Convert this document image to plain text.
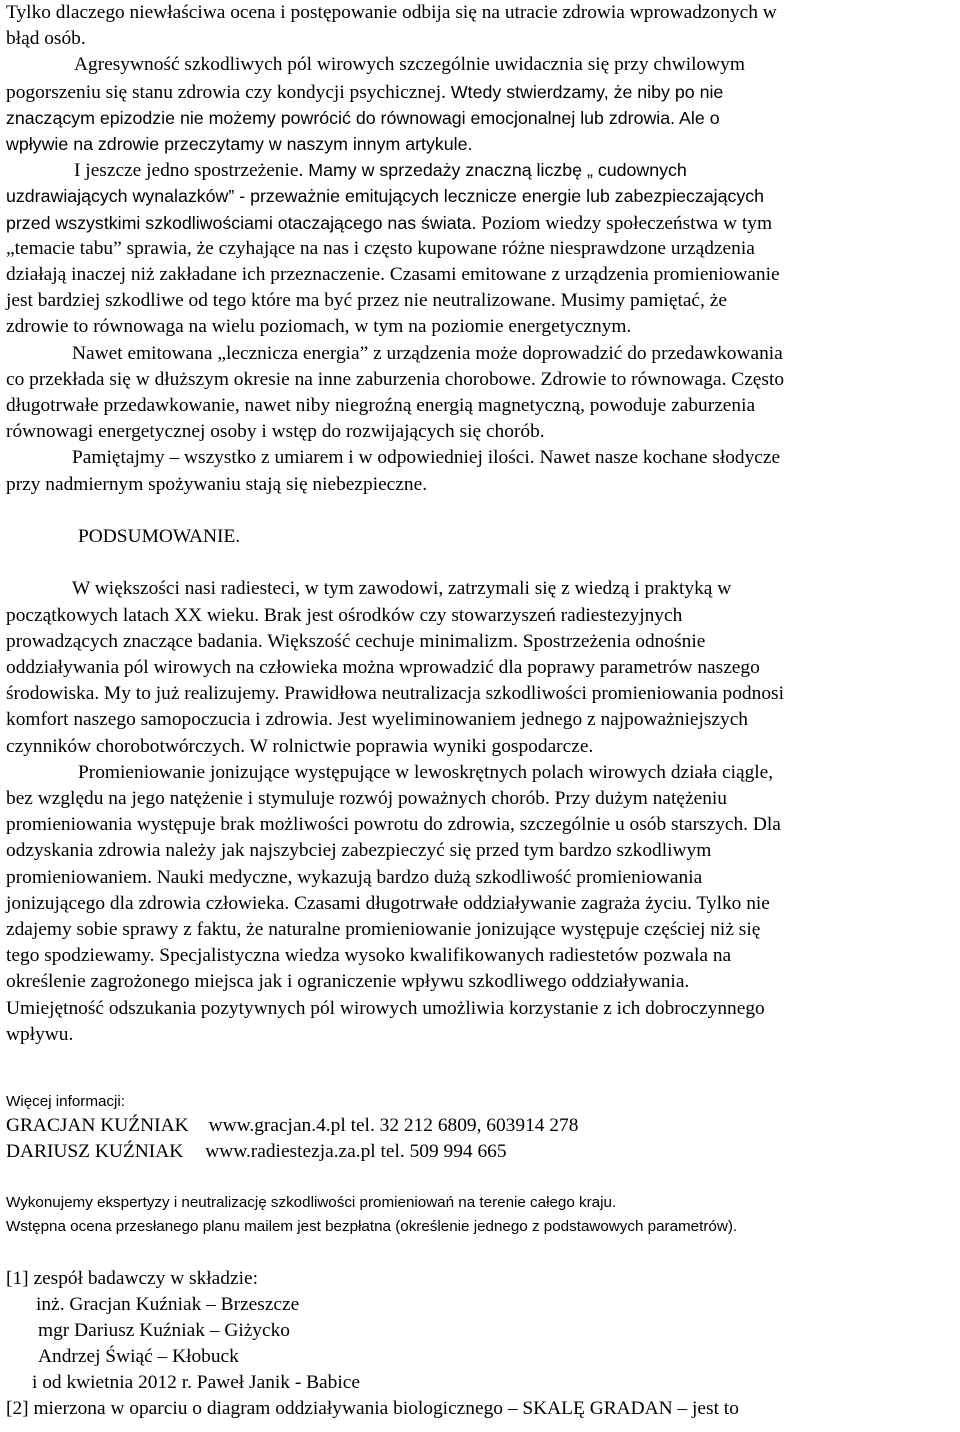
Tylko dlaczego niewłaściwa ocena i postępowanie odbija się na utracie zdrowia wprowadzonych w
błąd osób.
Agresywność szkodliwych pól wirowych szczególnie uwidacznia się przy chwilowym
pogorszeniu się stanu zdrowia czy kondycji psychicznej. Wtedy stwierdzamy, że niby po nie
znaczącym epizodzie nie możemy powrócić do równowagi emocjonalnej lub zdrowia. Ale o
wpływie na zdrowie przeczytamy w naszym innym artykule.
I jeszcze jedno spostrzeżenie. Mamy w sprzedaży znaczną liczbę „ cudownych
uzdrawiających wynalazków” - przeważnie emitujących lecznicze energie lub zabezpieczających
przed wszystkimi szkodliwościami otaczającego nas świata. Poziom wiedzy społeczeństwa w tym
„temacie tabu” sprawia, że czyhające na nas i często kupowane różne niesprawdzone urządzenia
działają inaczej niż zakładane ich przeznaczenie. Czasami emitowane z urządzenia promieniowanie
jest bardziej szkodliwe od tego które ma być przez nie neutralizowane. Musimy pamiętać, że
zdrowie to równowaga na wielu poziomach, w tym na poziomie energetycznym.
Nawet emitowana „lecznicza energia” z urządzenia może doprowadzić do przedawkowania
co przekłada się w dłuższym okresie na inne zaburzenia chorobowe. Zdrowie to równowaga. Często
długotrwałe przedawkowanie, nawet niby niegroźną energią magnetyczną, powoduje zaburzenia
równowagi energetycznej osoby i wstęp do rozwijających się chorób.
Pamiętajmy – wszystko z umiarem i w odpowiedniej ilości. Nawet nasze kochane słodycze
przy nadmiernym spożywaniu stają się niebezpieczne.
PODSUMOWANIE.
W większości nasi radiesteci, w tym zawodowi, zatrzymali się z wiedzą i praktyką w
początkowych latach XX wieku. Brak jest ośrodków czy stowarzyszeń radiestezyjnych
prowadzących znaczące badania. Większość cechuje minimalizm. Spostrzeżenia odnośnie
oddziaływania pól wirowych na człowieka można wprowadzić dla poprawy parametrów naszego
środowiska. My to już realizujemy. Prawidłowa neutralizacja szkodliwości promieniowania podnosi
komfort naszego samopoczucia i zdrowia. Jest wyeliminowaniem jednego z najpoważniejszych
czynników chorobotwórczych. W rolnictwie poprawia wyniki gospodarcze.
Promieniowanie jonizujące występujące w lewoskrętnych polach wirowych działa ciągle,
bez względu na jego natężenie i stymuluje rozwój poważnych chorób. Przy dużym natężeniu
promieniowania występuje brak możliwości powrotu do zdrowia, szczególnie u osób starszych. Dla
odzyskania zdrowia należy jak najszybciej zabezpieczyć się przed tym bardzo szkodliwym
promieniowaniem. Nauki medyczne, wykazują bardzo dużą szkodliwość promieniowania
jonizującego dla zdrowia człowieka. Czasami długotrwałe oddziaływanie zagraża życiu. Tylko nie
zdajemy sobie sprawy z faktu, że naturalne promieniowanie jonizujące występuje częściej niż się
tego spodziewamy. Specjalistyczna wiedza wysoko kwalifikowanych radiestetów pozwala na
określenie zagrożonego miejsca jak i ograniczenie wpływu szkodliwego oddziaływania.
Umiejętność odszukania pozytywnych pól wirowych umożliwia korzystanie z ich dobroczynnego
wpływu.
Więcej informacji:
GRACJAN KUŹNIAK www.gracjan.4.pl tel. 32 212 6809, 603914 278
DARIUSZ KUŹNIAK www.radiestezja.za.pl tel. 509 994 665
Wykonujemy ekspertyzy i neutralizację szkodliwości promieniowań na terenie całego kraju.
Wstępna ocena przesłanego planu mailem jest bezpłatna (określenie jednego z podstawowych parametrów).
[1] zespół badawczy w składzie:
inż. Gracjan Kuźniak – Brzeszcze
mgr Dariusz Kuźniak – Giżycko
Andrzej Świąć – Kłobuck
i od kwietnia 2012 r. Paweł Janik - Babice
[2] mierzona w oparciu o diagram oddziaływania biologicznego – SKALĘ GRADAN – jest to
